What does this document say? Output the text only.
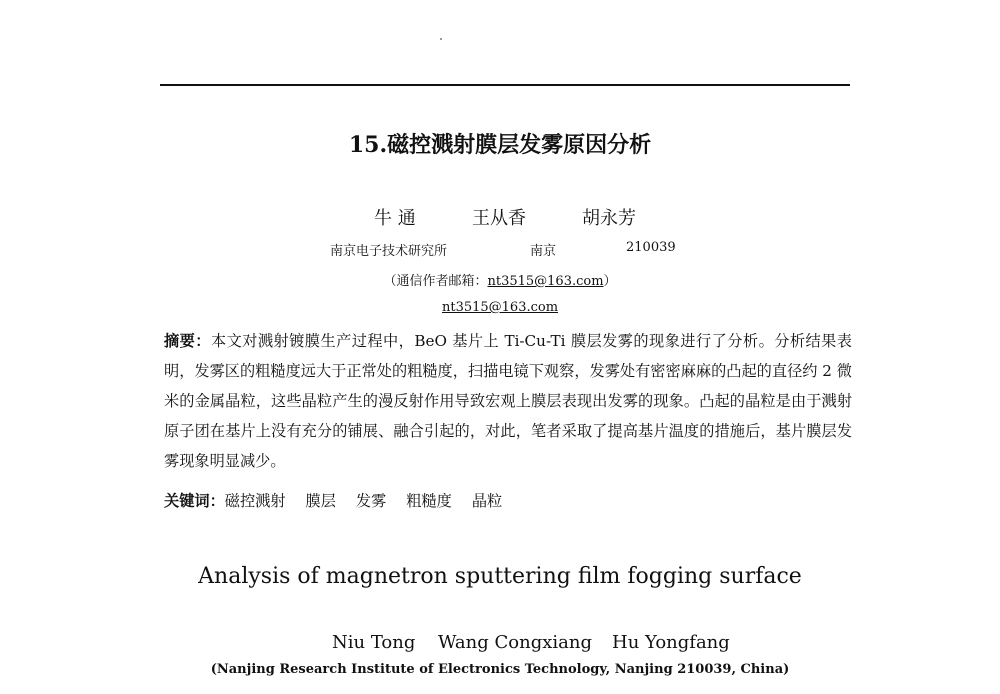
15.磁控溅射膜层发雾原因分析
牛 通	王从香	胡永芳
南京电子技术研究所	南京	210039
（通信作者邮箱：nt3515@163.com）
nt3515@163.com
摘要：本文对溅射镀膜生产过程中，BeO 基片上 Ti-Cu-Ti 膜层发雾的现象进行了分析。分析结果表明，发雾区的粗糙度远大于正常处的粗糙度，扫描电镜下观察，发雾处有密密麻麻的凸起的直径约 2 微米的金属晶粒，这些晶粒产生的漫反射作用导致宏观上膜层表现出发雾的现象。凸起的晶粒是由于溅射原子团在基片上没有充分的铺展、融合引起的，对此，笔者采取了提高基片温度的措施后，基片膜层发雾现象明显减少。
关键词：磁控溅射 膜层 发雾 粗糙度 晶粒
Analysis of magnetron sputtering film fogging surface
Niu Tong Wang Congxiang Hu Yongfang
(Nanjing Research Institute of Electronics Technology, Nanjing 210039, China)
